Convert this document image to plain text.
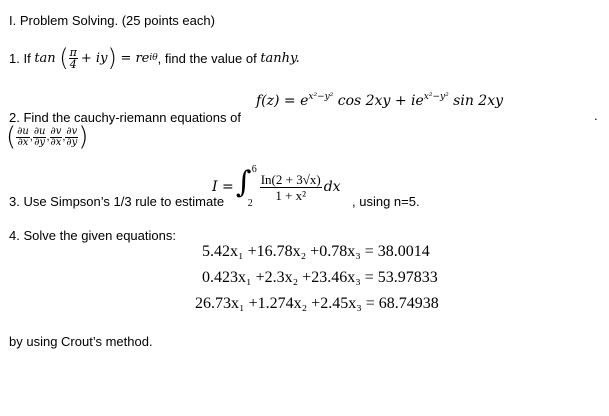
I. Problem Solving. (25 points each)
1. If
tan
( $\frac{\pi}{4}$ + iy )
= re iθ , find the value of
tanhy.
$f(z) = e^{x^2-y^2}$ $\cos 2xy + ie^{x^2-y^2}$ sin 2xy
.
2. Find the cauchy-riemann equations of
( $\frac{\partial u}{\partial x}$ , $\frac{\partial u}{\partial y}$ , $\frac{\partial v}{\partial x}$ , $\frac{\partial v}{\partial y}$ )
3. Use Simpson’s 1/3 rule to estimate
I = ∫ 6
2
$\frac{In(2 + 3√x)}{\text{1 + x²}}$ dx
, using n=5.
4. Solve the given equations:
5.42x₁ +16.78x₂ +0.78x₃ = 38.0014
0.423x₁ +2.3x₂ +23.46x₃ = 53.97833
26.73x₁ +1.274x₂ +2.45x₃ = 68.74938
by using Crout’s method.
